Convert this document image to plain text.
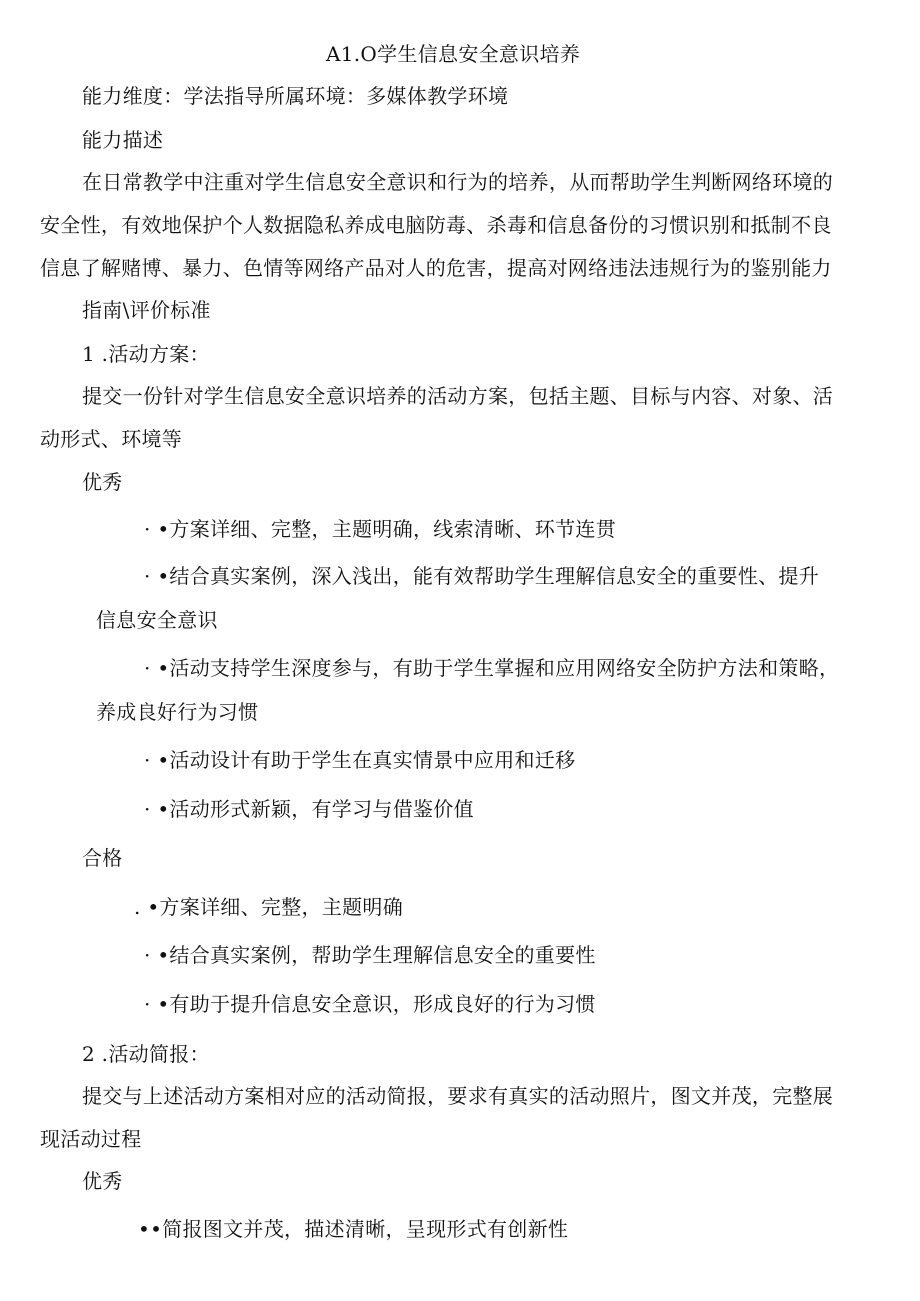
A1.O学生信息安全意识培养
能力维度：学法指导所属环境：多媒体教学环境
能力描述
在日常教学中注重对学生信息安全意识和行为的培养，从而帮助学生判断网络环境的
安全性，有效地保护个人数据隐私养成电脑防毒、杀毒和信息备份的习惯识别和抵制不良
信息了解赌博、暴力、色情等网络产品对人的危害，提高对网络违法违规行为的鉴别能力
指南\评价标准
1 .活动方案：
提交一份针对学生信息安全意识培养的活动方案，包括主题、目标与内容、对象、活
动形式、环境等
优秀
· •方案详细、完整，主题明确，线索清晰、环节连贯
· •结合真实案例，深入浅出，能有效帮助学生理解信息安全的重要性、提升
信息安全意识
· •活动支持学生深度参与，有助于学生掌握和应用网络安全防护方法和策略，
养成良好行为习惯
· •活动设计有助于学生在真实情景中应用和迁移
· •活动形式新颖，有学习与借鉴价值
合格
. •方案详细、完整，主题明确
· •结合真实案例，帮助学生理解信息安全的重要性
· •有助于提升信息安全意识，形成良好的行为习惯
2 .活动简报：
提交与上述活动方案相对应的活动简报，要求有真实的活动照片，图文并茂，完整展
现活动过程
优秀
••简报图文并茂，描述清晰，呈现形式有创新性
